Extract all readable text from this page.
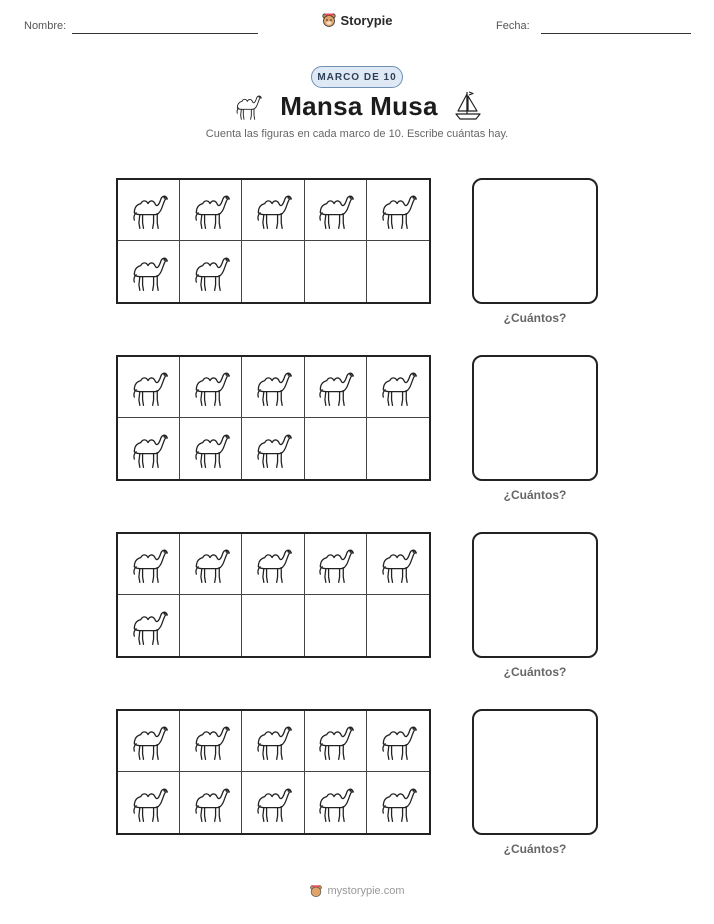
Nombre:	Storypie	Fecha:
MARCO DE 10
Mansa Musa
Cuenta las figuras en cada marco de 10. Escribe cuántas hay.
¿Cuántos?
¿Cuántos?
¿Cuántos?
¿Cuántos?
mystorypie.com
